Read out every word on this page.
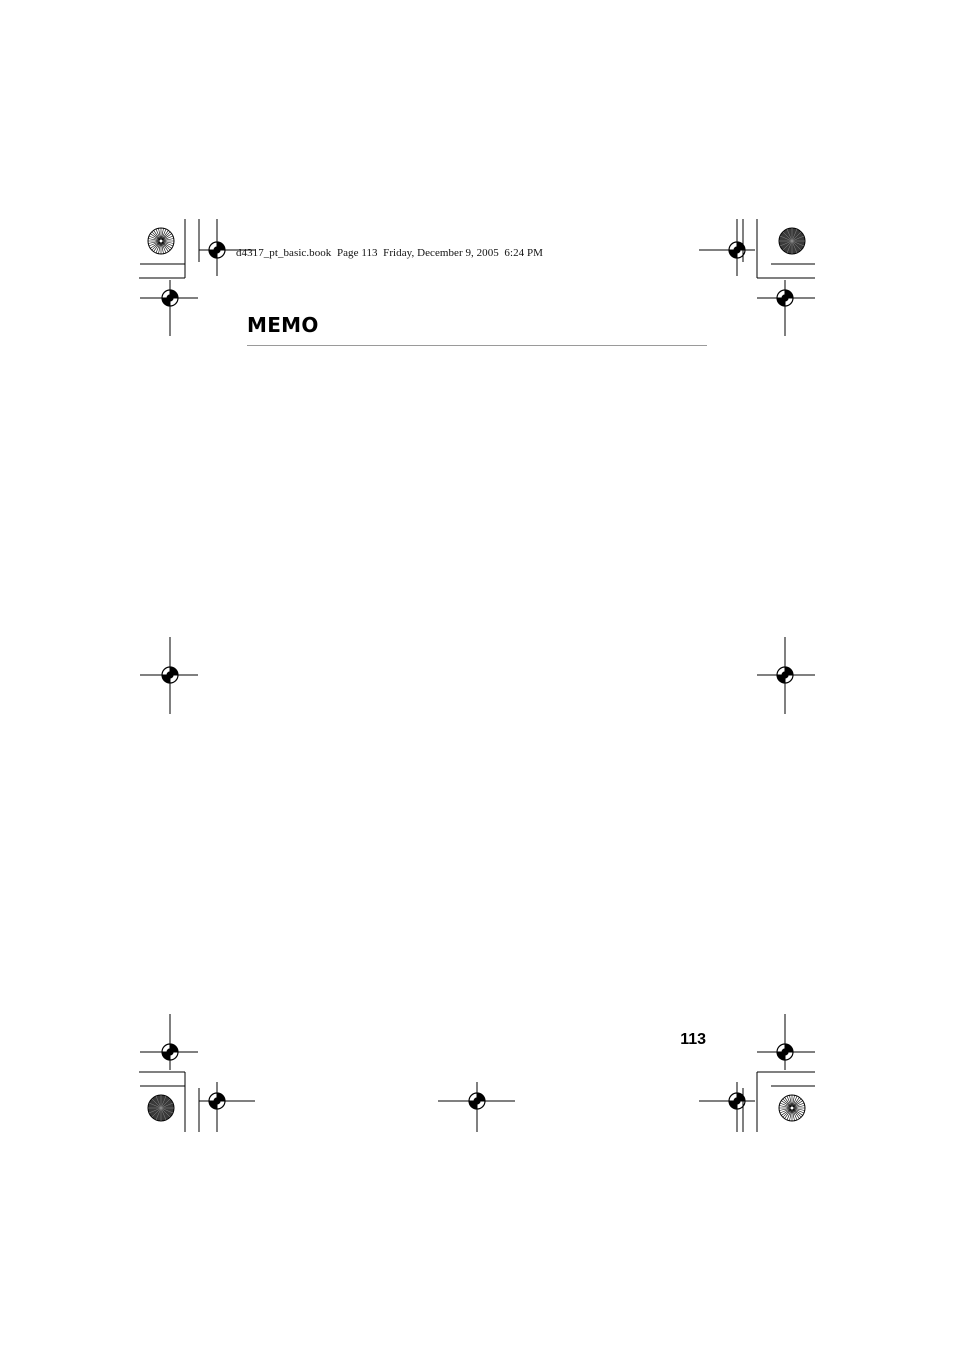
d4317_pt_basic.book  Page 113  Friday, December 9, 2005  6:24 PM

MEMO

113
